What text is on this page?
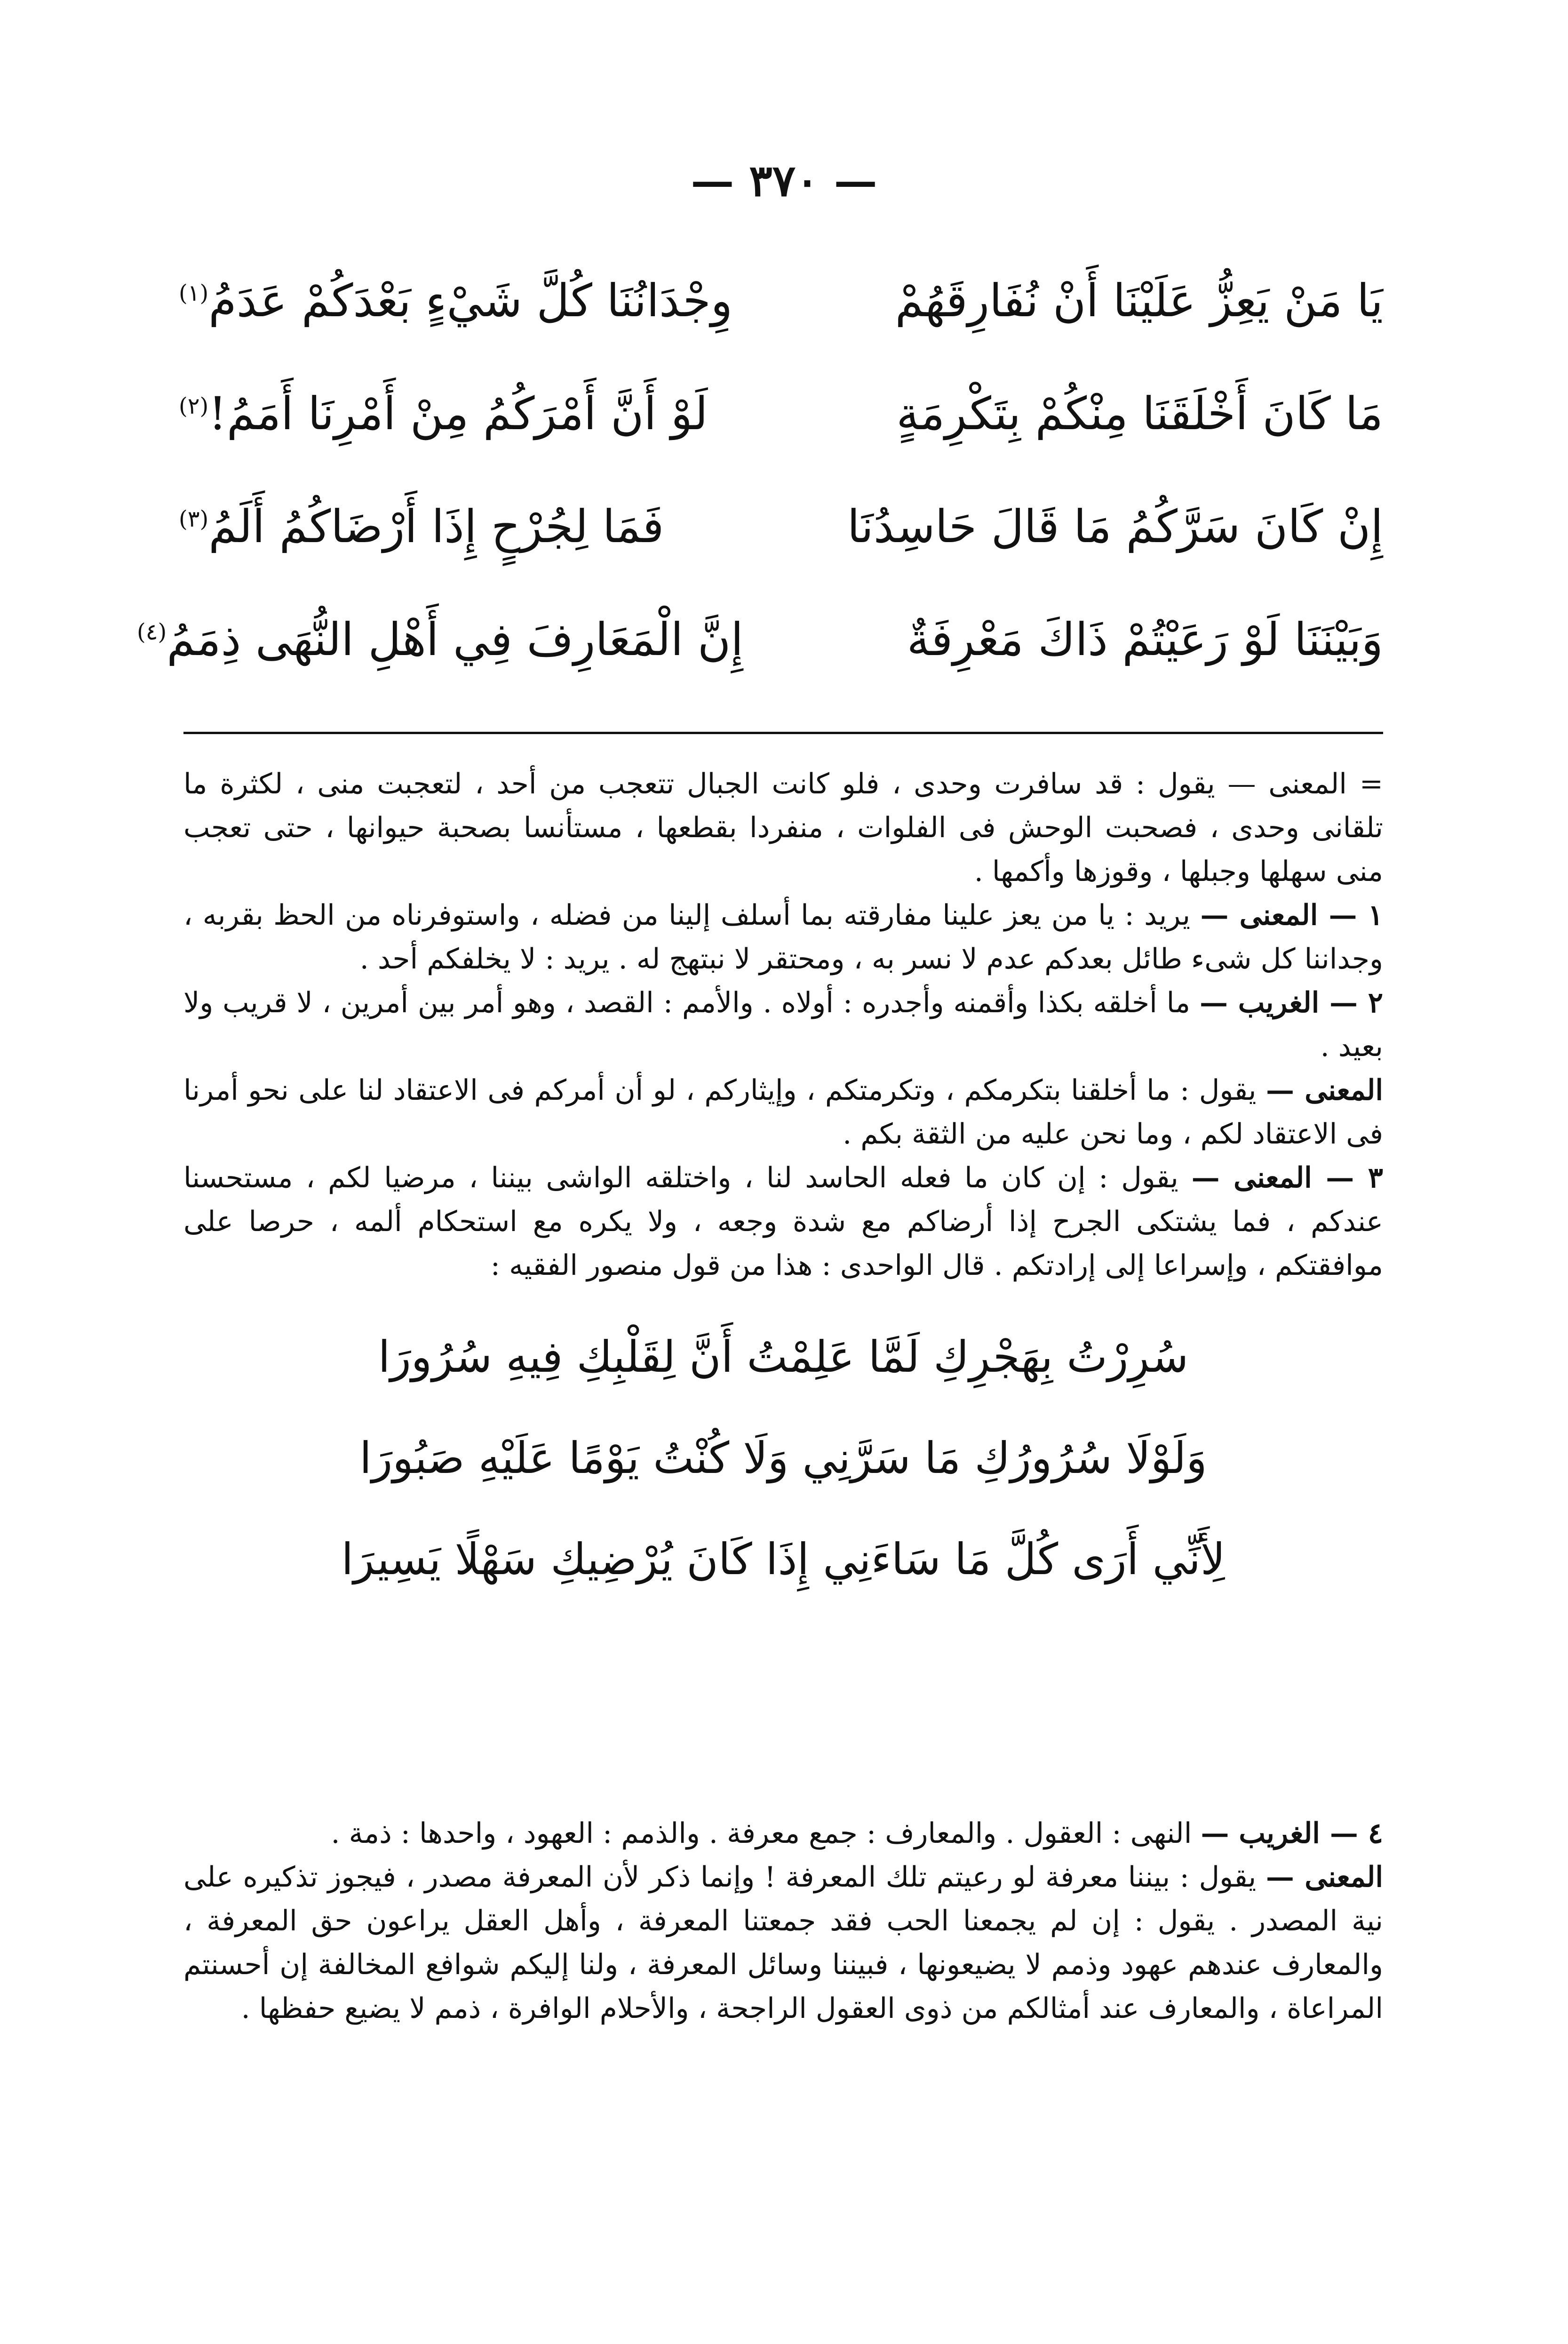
— ٣٧٠ —
يَا مَنْ يَعِزُّ عَلَيْنَا أَنْ نُفَارِقَهُمْ
وِجْدَانُنَا كُلَّ شَيْءٍ بَعْدَكُمْ عَدَمُ$^{(١)}$
مَا كَانَ أَخْلَقَنَا مِنْكُمْ بِتَكْرِمَةٍ
لَوْ أَنَّ أَمْرَكُمُ مِنْ أَمْرِنَا أَمَمُ!$^{(٢)}$
إِنْ كَانَ سَرَّكُمُ مَا قَالَ حَاسِدُنَا
فَمَا لِجُرْحٍ إِذَا أَرْضَاكُمُ أَلَمُ$^{(٣)}$
وَبَيْنَنَا لَوْ رَعَيْتُمْ ذَاكَ مَعْرِفَةٌ
إِنَّ الْمَعَارِفَ فِي أَهْلِ النُّهَى ذِمَمُ$^{(٤)}$

= المعنى — يقول : قد سافرت وحدى ، فلو كانت الجبال تتعجب من أحد ، لتعجبت منى ، لكثرة ما تلقانى وحدى ، فصحبت الوحش فى الفلوات ، منفردا بقطعها ، مستأنسا بصحبة حيوانها ، حتى تعجب منى سهلها وجبلها ، وقوزها وأكمها .

١ — المعنى — يريد : يا من يعز علينا مفارقته بما أسلف إلينا من فضله ، واستوفرناه من الحظ بقربه ، وجداننا كل شىء طائل بعدكم عدم لا نسر به ، ومحتقر لا نبتهج له . يريد : لا يخلفكم أحد .

٢ — الغريب — ما أخلقه بكذا وأقمنه وأجدره : أولاه . والأمم : القصد ، وهو أمر بين أمرين ، لا قريب ولا بعيد .

المعنى — يقول : ما أخلقنا بتكرمكم ، وتكرمتكم ، وإيثاركم ، لو أن أمركم فى الاعتقاد لنا على نحو أمرنا فى الاعتقاد لكم ، وما نحن عليه من الثقة بكم .

٣ — المعنى — يقول : إن كان ما فعله الحاسد لنا ، واختلقه الواشى بيننا ، مرضيا لكم ، مستحسنا عندكم ، فما يشتكى الجرح إذا أرضاكم مع شدة وجعه ، ولا يكره مع استحكام ألمه ، حرصا على موافقتكم ، وإسراعا إلى إرادتكم . قال الواحدى : هذا من قول منصور الفقيه :

سُرِرْتُ بِهَجْرِكِ لَمَّا عَلِمْتُ أَنَّ لِقَلْبِكِ فِيهِ سُرُورَا
وَلَوْلَا سُرُورُكِ مَا سَرَّنِي وَلَا كُنْتُ يَوْمًا عَلَيْهِ صَبُورَا
لِأَنِّي أَرَى كُلَّ مَا سَاءَنِي إِذَا كَانَ يُرْضِيكِ سَهْلًا يَسِيرَا

٤ — الغريب — النهى : العقول . والمعارف : جمع معرفة . والذمم : العهود ، واحدها : ذمة .

المعنى — يقول : بيننا معرفة لو رعيتم تلك المعرفة ! وإنما ذكر لأن المعرفة مصدر ، فيجوز تذكيره على نية المصدر . يقول : إن لم يجمعنا الحب فقد جمعتنا المعرفة ، وأهل العقل يراعون حق المعرفة ، والمعارف عندهم عهود وذمم لا يضيعونها ، فبيننا وسائل المعرفة ، ولنا إليكم شوافع المخالفة إن أحسنتم المراعاة ، والمعارف عند أمثالكم من ذوى العقول الراجحة ، والأحلام الوافرة ، ذمم لا يضيع حفظها .
